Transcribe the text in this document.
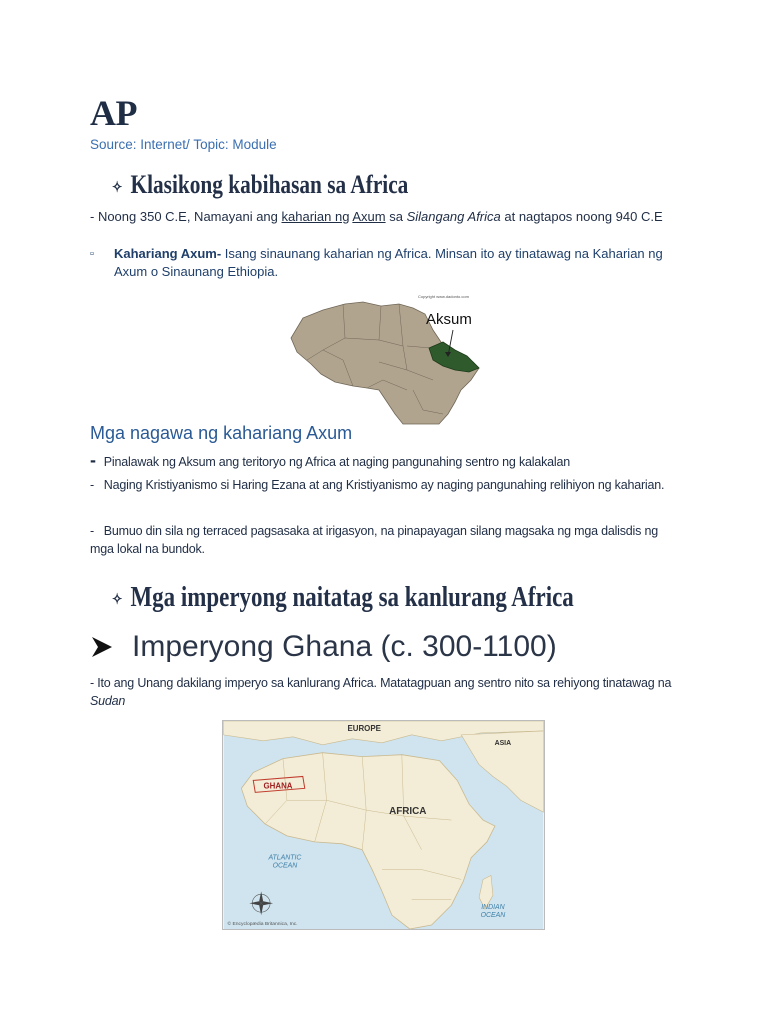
AP
Source: Internet/ Topic: Module
✧ Klasikong kabihasan sa Africa
- Noong 350 C.E, Namayani ang kaharian ng Axum sa Silangang Africa at nagtapos noong 940 C.E
▫ Kahariang Axum- Isang sinaunang kaharian ng Africa. Minsan ito ay tinatawag na Kaharian ng Axum o Sinaunang Ethiopia.
Aksum
Copyright www.dadonto.com
Mga nagawa ng kahariang Axum
- Pinalawak ng Aksum ang teritoryo ng Africa at naging pangunahing sentro ng kalakalan
-   Naging Kristiyanismo si Haring Ezana at ang Kristiyanismo ay naging pangunahing relihiyon ng kaharian.
-   Bumuo din sila ng terraced pagsasaka at irigasyon, na pinapayagan silang magsaka ng mga dalisdis ng mga lokal na bundok.
✧ Mga imperyong naitatag sa kanlurang Africa
Imperyong Ghana (c. 300-1100)
- Ito ang Unang dakilang imperyo sa kanlurang Africa. Matatagpuan ang sentro nito sa rehiyong tinatawag na Sudan
EUROPE
ASIA
GHANA
AFRICA
ATLANTIC
OCEAN
INDIAN
OCEAN
© Encyclopædia Britannica, Inc.
